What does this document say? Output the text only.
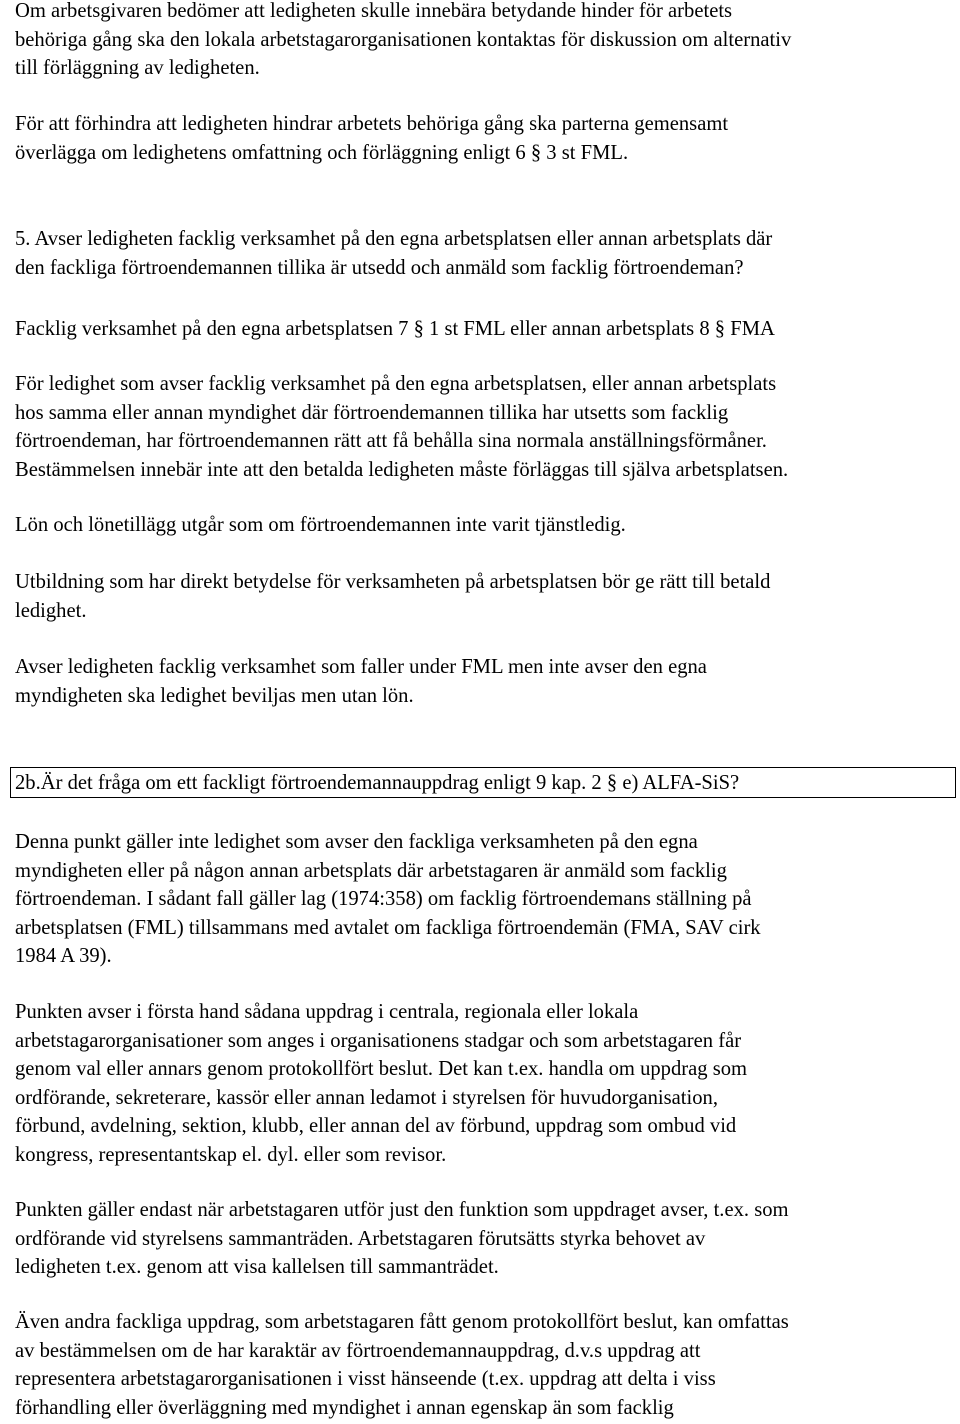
Om arbetsgivaren bedömer att ledigheten skulle innebära betydande hinder för arbetets
behöriga gång ska den lokala arbetstagarorganisationen kontaktas för diskussion om alternativ
till förläggning av ledigheten.
För att förhindra att ledigheten hindrar arbetets behöriga gång ska parterna gemensamt
överlägga om ledighetens omfattning och förläggning enligt 6 § 3 st FML.
5. Avser ledigheten facklig verksamhet på den egna arbetsplatsen eller annan arbetsplats där
den fackliga förtroendemannen tillika är utsedd och anmäld som facklig förtroendeman?
Facklig verksamhet på den egna arbetsplatsen 7 § 1 st FML eller annan arbetsplats 8 § FMA
För ledighet som avser facklig verksamhet på den egna arbetsplatsen, eller annan arbetsplats
hos samma eller annan myndighet där förtroendemannen tillika har utsetts som facklig
förtroendeman, har förtroendemannen rätt att få behålla sina normala anställningsförmåner.
Bestämmelsen innebär inte att den betalda ledigheten måste förläggas till själva arbetsplatsen.
Lön och lönetillägg utgår som om förtroendemannen inte varit tjänstledig.
Utbildning som har direkt betydelse för verksamheten på arbetsplatsen bör ge rätt till betald
ledighet.
Avser ledigheten facklig verksamhet som faller under FML men inte avser den egna
myndigheten ska ledighet beviljas men utan lön.
2b.Är det fråga om ett fackligt förtroendemannauppdrag enligt 9 kap. 2 § e) ALFA-SiS?
Denna punkt gäller inte ledighet som avser den fackliga verksamheten på den egna
myndigheten eller på någon annan arbetsplats där arbetstagaren är anmäld som facklig
förtroendeman. I sådant fall gäller lag (1974:358) om facklig förtroendemans ställning på
arbetsplatsen (FML) tillsammans med avtalet om fackliga förtroendemän (FMA, SAV cirk
1984 A 39).
Punkten avser i första hand sådana uppdrag i centrala, regionala eller lokala
arbetstagarorganisationer som anges i organisationens stadgar och som arbetstagaren får
genom val eller annars genom protokollfört beslut. Det kan t.ex. handla om uppdrag som
ordförande, sekreterare, kassör eller annan ledamot i styrelsen för huvudorganisation,
förbund, avdelning, sektion, klubb, eller annan del av förbund, uppdrag som ombud vid
kongress, representantskap el. dyl. eller som revisor.
Punkten gäller endast när arbetstagaren utför just den funktion som uppdraget avser, t.ex. som
ordförande vid styrelsens sammanträden. Arbetstagaren förutsätts styrka behovet av
ledigheten t.ex. genom att visa kallelsen till sammanträdet.
Även andra fackliga uppdrag, som arbetstagaren fått genom protokollfört beslut, kan omfattas
av bestämmelsen om de har karaktär av förtroendemannauppdrag, d.v.s uppdrag att
representera arbetstagarorganisationen i visst hänseende (t.ex. uppdrag att delta i viss
förhandling eller överläggning med myndighet i annan egenskap än som facklig
